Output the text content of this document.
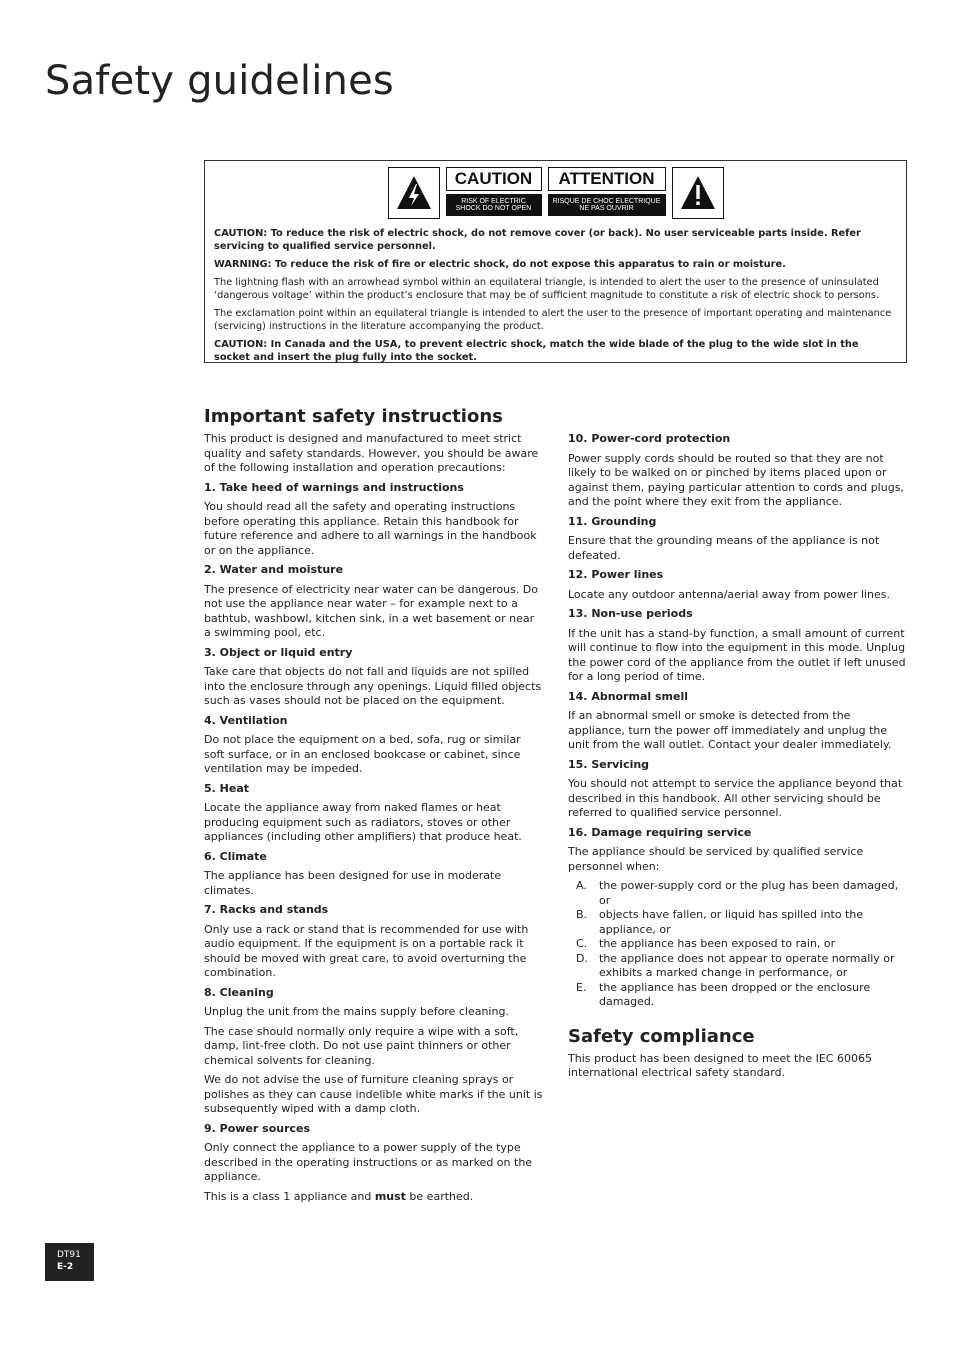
Safety guidelines
CAUTION
RISK OF ELECTRIC SHOCK DO NOT OPEN
ATTENTION
RISQUE DE CHOC ELECTRIQUE NE PAS OUVRIR

CAUTION: To reduce the risk of electric shock, do not remove cover (or back). No user serviceable parts inside. Refer servicing to qualified service personnel.

WARNING: To reduce the risk of fire or electric shock, do not expose this apparatus to rain or moisture.

The lightning flash with an arrowhead symbol within an equilateral triangle, is intended to alert the user to the presence of uninsulated ‘dangerous voltage’ within the product’s enclosure that may be of sufficient magnitude to constitute a risk of electric shock to persons.

The exclamation point within an equilateral triangle is intended to alert the user to the presence of important operating and maintenance (servicing) instructions in the literature accompanying the product.

CAUTION: In Canada and the USA, to prevent electric shock, match the wide blade of the plug to the wide slot in the socket and insert the plug fully into the socket.

Important safety instructions

This product is designed and manufactured to meet strict quality and safety standards. However, you should be aware of the following installation and operation precautions:

1. Take heed of warnings and instructions

You should read all the safety and operating instructions before operating this appliance. Retain this handbook for future reference and adhere to all warnings in the handbook or on the appliance.

2. Water and moisture

The presence of electricity near water can be dangerous. Do not use the appliance near water – for example next to a bathtub, washbowl, kitchen sink, in a wet basement or near a swimming pool, etc.

3. Object or liquid entry

Take care that objects do not fall and liquids are not spilled into the enclosure through any openings. Liquid filled objects such as vases should not be placed on the equipment.

4. Ventilation

Do not place the equipment on a bed, sofa, rug or similar soft surface, or in an enclosed bookcase or cabinet, since ventilation may be impeded.

5. Heat

Locate the appliance away from naked flames or heat producing equipment such as radiators, stoves or other appliances (including other amplifiers) that produce heat.

6. Climate

The appliance has been designed for use in moderate climates.

7. Racks and stands

Only use a rack or stand that is recommended for use with audio equipment. If the equipment is on a portable rack it should be moved with great care, to avoid overturning the combination.

8. Cleaning

Unplug the unit from the mains supply before cleaning.

The case should normally only require a wipe with a soft, damp, lint-free cloth. Do not use paint thinners or other chemical solvents for cleaning.

We do not advise the use of furniture cleaning sprays or polishes as they can cause indelible white marks if the unit is subsequently wiped with a damp cloth.

9. Power sources

Only connect the appliance to a power supply of the type described in the operating instructions or as marked on the appliance.

This is a class 1 appliance and must be earthed.

10. Power-cord protection

Power supply cords should be routed so that they are not likely to be walked on or pinched by items placed upon or against them, paying particular attention to cords and plugs, and the point where they exit from the appliance.

11. Grounding

Ensure that the grounding means of the appliance is not defeated.

12. Power lines

Locate any outdoor antenna/aerial away from power lines.

13. Non-use periods

If the unit has a stand-by function, a small amount of current will continue to flow into the equipment in this mode. Unplug the power cord of the appliance from the outlet if left unused for a long period of time.

14. Abnormal smell

If an abnormal smell or smoke is detected from the appliance, turn the power off immediately and unplug the unit from the wall outlet. Contact your dealer immediately.

15. Servicing

You should not attempt to service the appliance beyond that described in this handbook. All other servicing should be referred to qualified service personnel.

16. Damage requiring service

The appliance should be serviced by qualified service personnel when:

A.	the power-supply cord or the plug has been damaged, or
B.	objects have fallen, or liquid has spilled into the appliance, or
C.	the appliance has been exposed to rain, or
D.	the appliance does not appear to operate normally or exhibits a marked change in performance, or
E.	the appliance has been dropped or the enclosure damaged.
Safety compliance

This product has been designed to meet the IEC 60065 international electrical safety standard.

DT91
E-2
